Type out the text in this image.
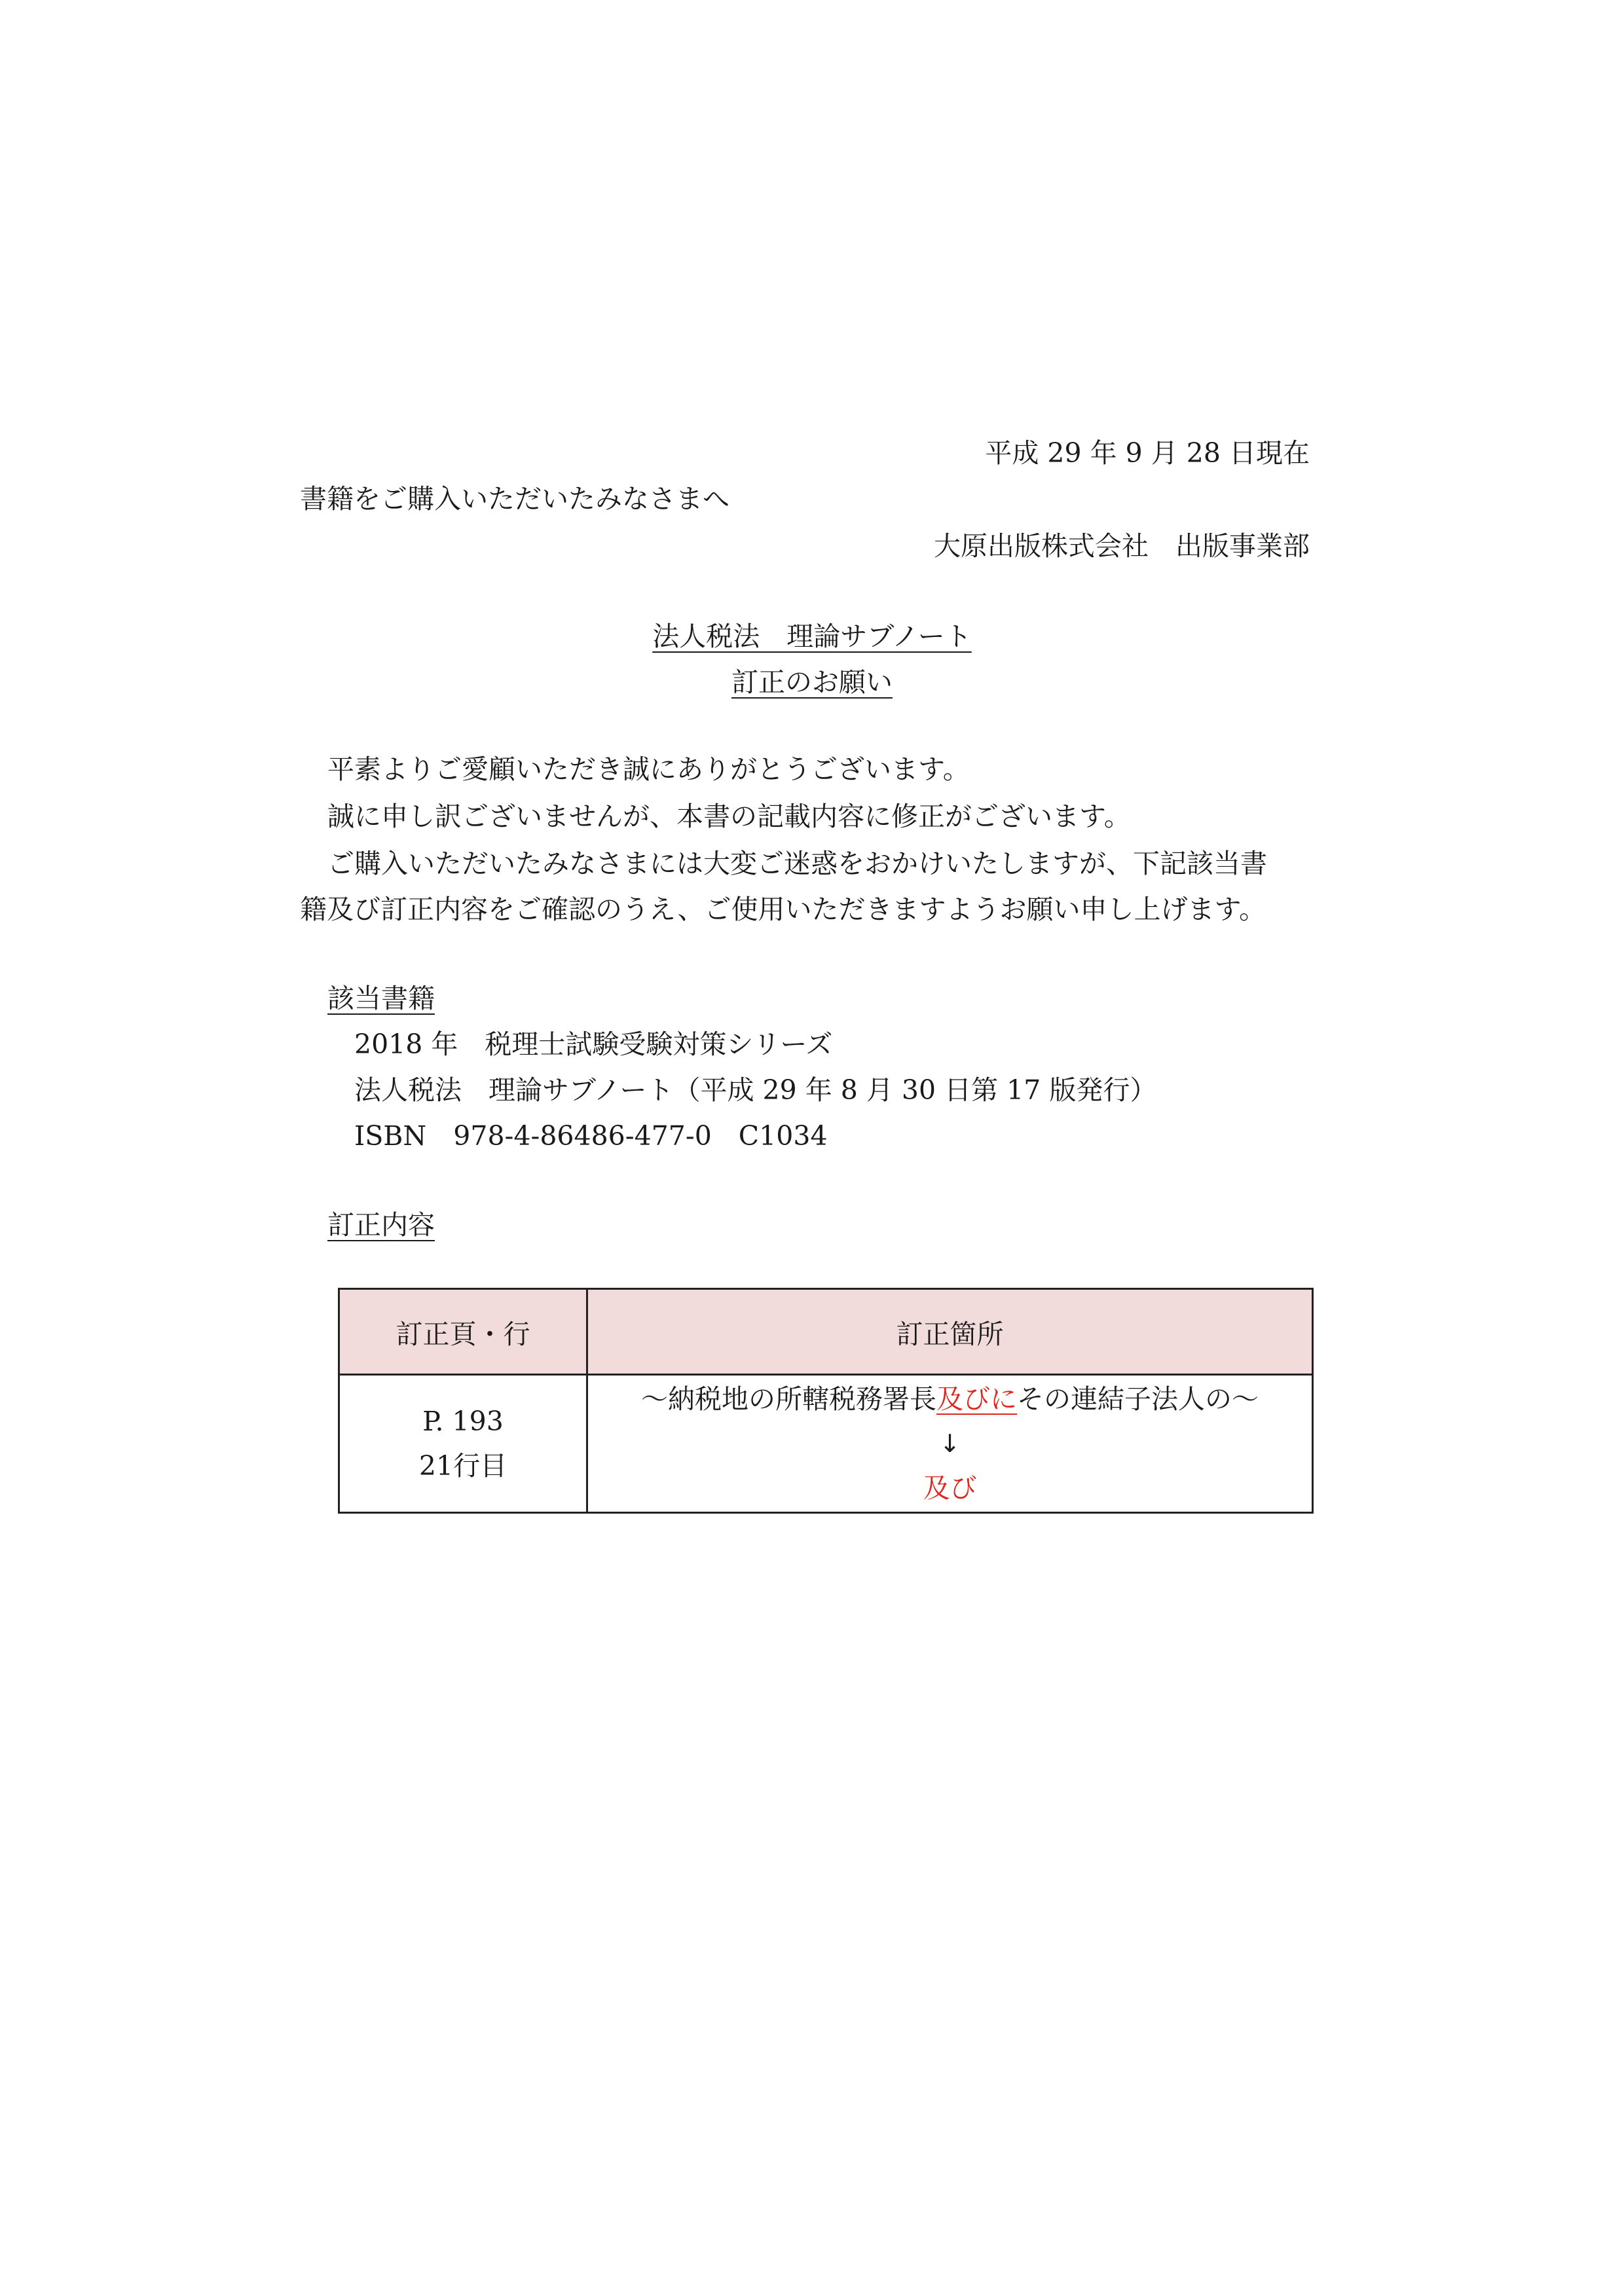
平成 29 年 9 月 28 日現在
書籍をご購入いただいたみなさまへ
大原出版株式会社　出版事業部
法人税法　理論サブノート
訂正のお願い
平素よりご愛顧いただき誠にありがとうございます。
誠に申し訳ございませんが、本書の記載内容に修正がございます。
ご購入いただいたみなさまには大変ご迷惑をおかけいたしますが、下記該当書
籍及び訂正内容をご確認のうえ、ご使用いただきますようお願い申し上げます。
該当書籍
2018 年　税理士試験受験対策シリーズ
法人税法　理論サブノート（平成 29 年 8 月 30 日第 17 版発行）
ISBN　978-4-86486-477-0　C1034
訂正内容
訂正頁・行	訂正箇所

P. 193
21行目	～納税地の所轄税務署長及びにその連結子法人の～
↓
及び
